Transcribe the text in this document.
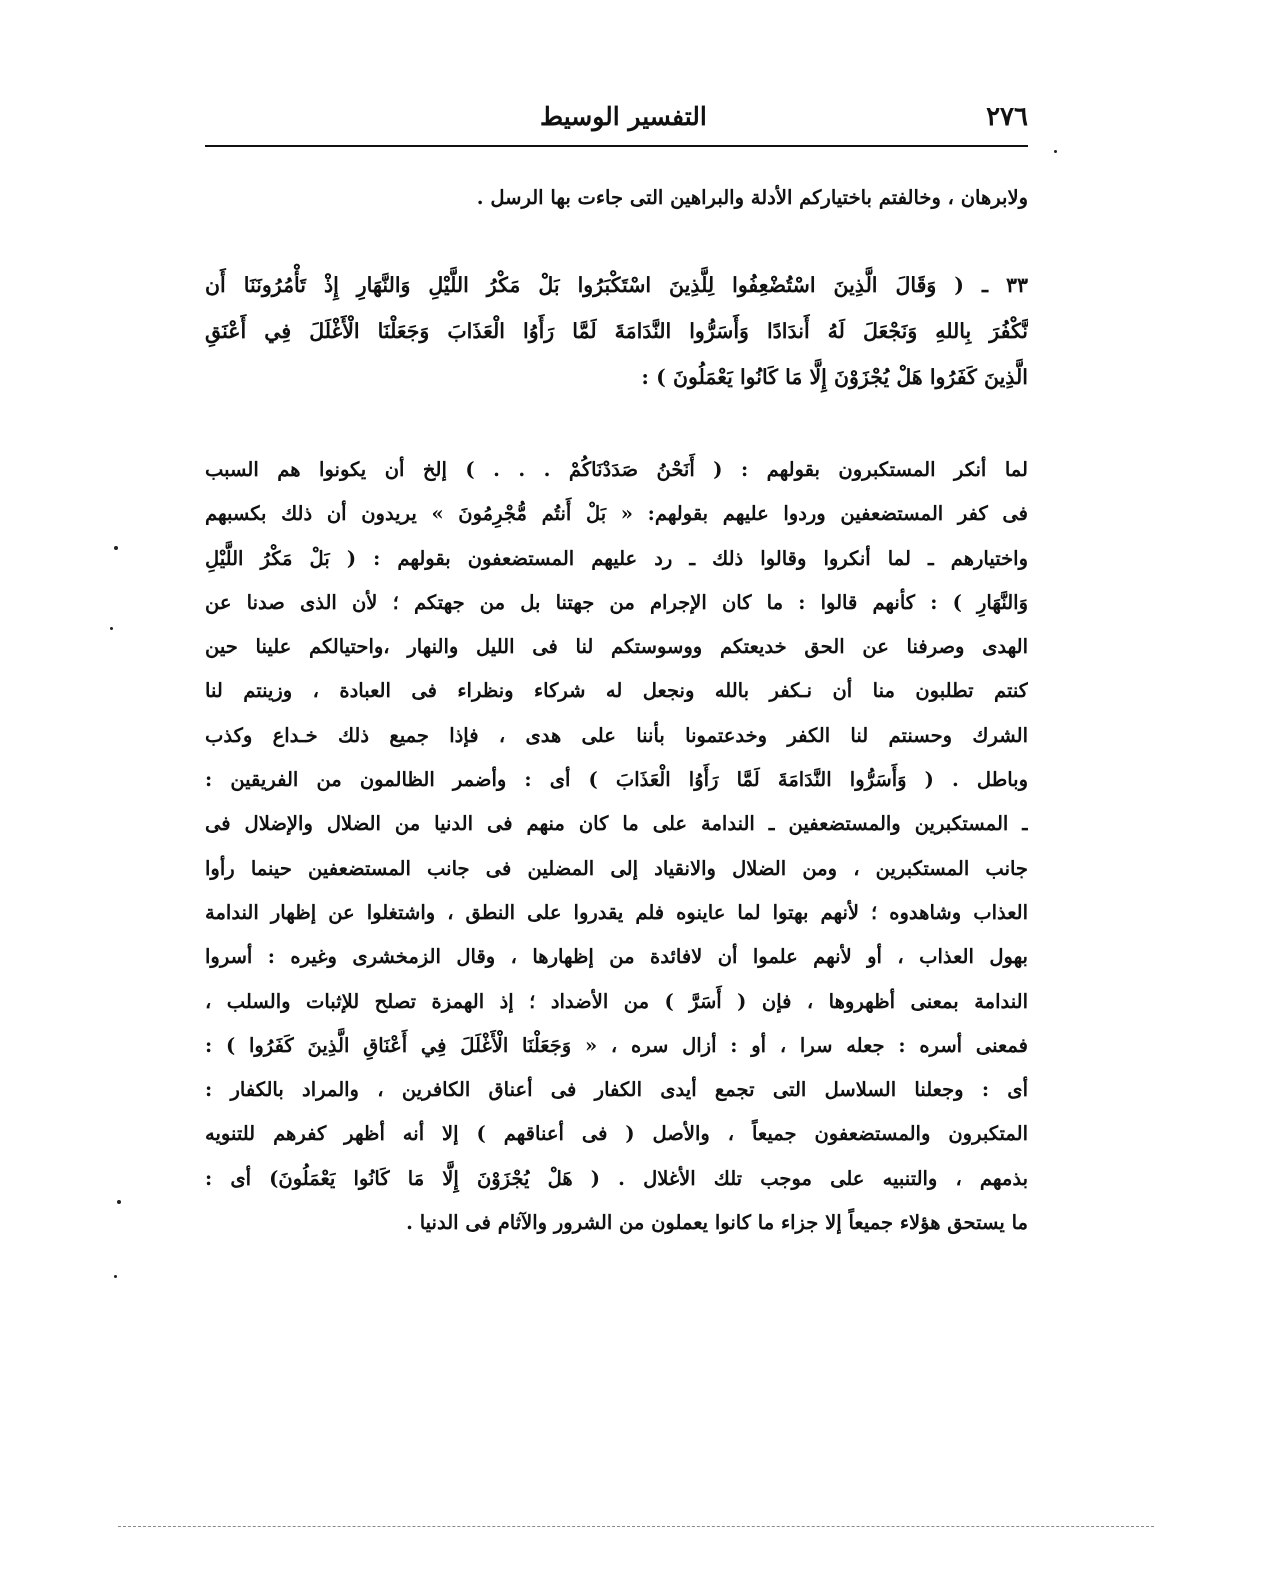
٢٧٦
التفسير الوسيط
ولابرهان ، وخالفتم باختياركم الأدلة والبراهين التى جاءت بها الرسل .
٣٣ ـ ( وَقَالَ الَّذِينَ اسْتُضْعِفُوا لِلَّذِينَ اسْتَكْبَرُوا بَلْ مَكْرُ اللَّيْلِ وَالنَّهَارِ إِذْ تَأْمُرُونَنَا أَن
نَّكْفُرَ بِاللهِ وَنَجْعَلَ لَهُ أَندَادًا وَأَسَرُّوا النَّدَامَةَ لَمَّا رَأَوُا الْعَذَابَ وَجَعَلْنَا الْأَغْلَلَ فِي أَعْنَقِ
الَّذِينَ كَفَرُوا هَلْ يُجْزَوْنَ إِلَّا مَا كَانُوا يَعْمَلُونَ ) :
لما أنكر المستكبرون بقولهم : ( أَنَحْنُ صَدَدْنَاكُمْ . . . ) إلخ أن يكونوا هم السبب
فى كفر المستضعفين وردوا عليهم بقولهم: « بَلْ أَنتُم مُّجْرِمُونَ » يريدون أن ذلك بكسبهم
واختيارهم ـ لما أنكروا وقالوا ذلك ـ رد عليهم المستضعفون بقولهم : ( بَلْ مَكْرُ اللَّيْلِ
وَالنَّهَارِ ) : كأنهم قالوا : ما كان الإجرام من جهتنا بل من جهتكم ؛ لأن الذى صدنا عن
الهدى وصرفنا عن الحق خديعتكم ووسوستكم لنا فى الليل والنهار ،واحتيالكم علينا حين
كنتم تطلبون منا أن نـكفر بالله ونجعل له شركاء ونظراء فى العبادة ، وزينتم لنا
الشرك وحسنتم لنا الكفر وخدعتمونا بأننا على هدى ، فإذا جميع ذلك خـداع وكذب
وباطل . ( وَأَسَرُّوا النَّدَامَةَ لَمَّا رَأَوُا الْعَذَابَ ) أى : وأضمر الظالمون من الفريقين :
ـ المستكبرين والمستضعفين ـ الندامة على ما كان منهم فى الدنيا من الضلال والإضلال فى
جانب المستكبرين ، ومن الضلال والانقياد إلى المضلين فى جانب المستضعفين حينما رأوا
العذاب وشاهدوه ؛ لأنهم بهتوا لما عاينوه فلم يقدروا على النطق ، واشتغلوا عن إظهار الندامة
بهول العذاب ، أو لأنهم علموا أن لافائدة من إظهارها ، وقال الزمخشرى وغيره : أسروا
الندامة بمعنى أظهروها ، فإن ( أَسَرَّ ) من الأضداد ؛ إذ الهمزة تصلح للإثبات والسلب ،
فمعنى أسره : جعله سرا ، أو : أزال سره ، « وَجَعَلْنَا الْأَغْلَلَ فِي أَعْنَاقِ الَّذِينَ كَفَرُوا ) :
أى : وجعلنا السلاسل التى تجمع أيدى الكفار فى أعناق الكافرين ، والمراد بالكفار :
المتكبرون والمستضعفون جميعاً ، والأصل ( فى أعناقهم ) إلا أنه أظهر كفرهم للتنويه
بذمهم ، والتنبيه على موجب تلك الأغلال . ( هَلْ يُجْزَوْنَ إِلَّا مَا كَانُوا يَعْمَلُونَ) أى :
ما يستحق هؤلاء جميعاً إلا جزاء ما كانوا يعملون من الشرور والآثام فى الدنيا .
